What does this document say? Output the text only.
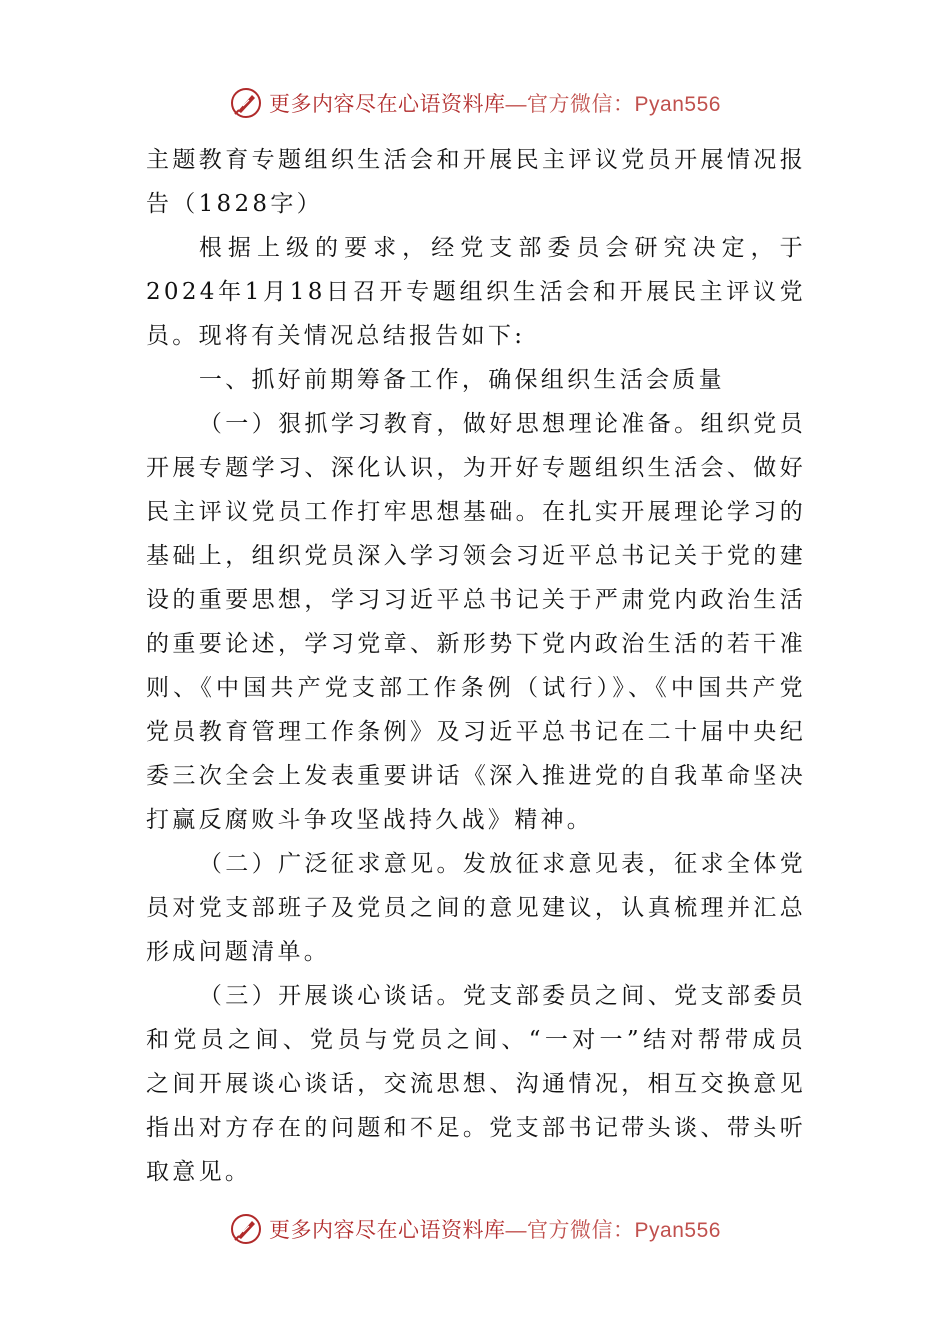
更多内容尽在心语资料库 —官方微信：Pyan556
主题教育专题组织生活会和开展民主评议党员开展情况报告（1828字）

根据上级的要求，经党支部委员会研究决定，于2024年1月18日召开专题组织生活会和开展民主评议党员。现将有关情况总结报告如下:

一、抓好前期筹备工作，确保组织生活会质量

（一）狠抓学习教育，做好思想理论准备。组织党员开展专题学习、深化认识，为开好专题组织生活会、做好民主评议党员工作打牢思想基础。在扎实开展理论学习的基础上，组织党员深入学习领会习近平总书记关于党的建设的重要思想，学习习近平总书记关于严肃党内政治生活的重要论述，学习党章、新形势下党内政治生活的若干准则、《中国共产党支部工作条例（试行）》、《中国共产党党员教育管理工作条例》及习近平总书记在二十届中央纪委三次全会上发表重要讲话《深入推进党的自我革命坚决打赢反腐败斗争攻坚战持久战》精神。

（二）广泛征求意见。发放征求意见表，征求全体党员对党支部班子及党员之间的意见建议，认真梳理并汇总形成问题清单。

（三）开展谈心谈话。党支部委员之间、党支部委员和党员之间、党员与党员之间、“一对一”结对帮带成员之间开展谈心谈话，交流思想、沟通情况，相互交换意见指出对方存在的问题和不足。党支部书记带头谈、带头听取意见。

更多内容尽在心语资料库 —官方微信：Pyan556
